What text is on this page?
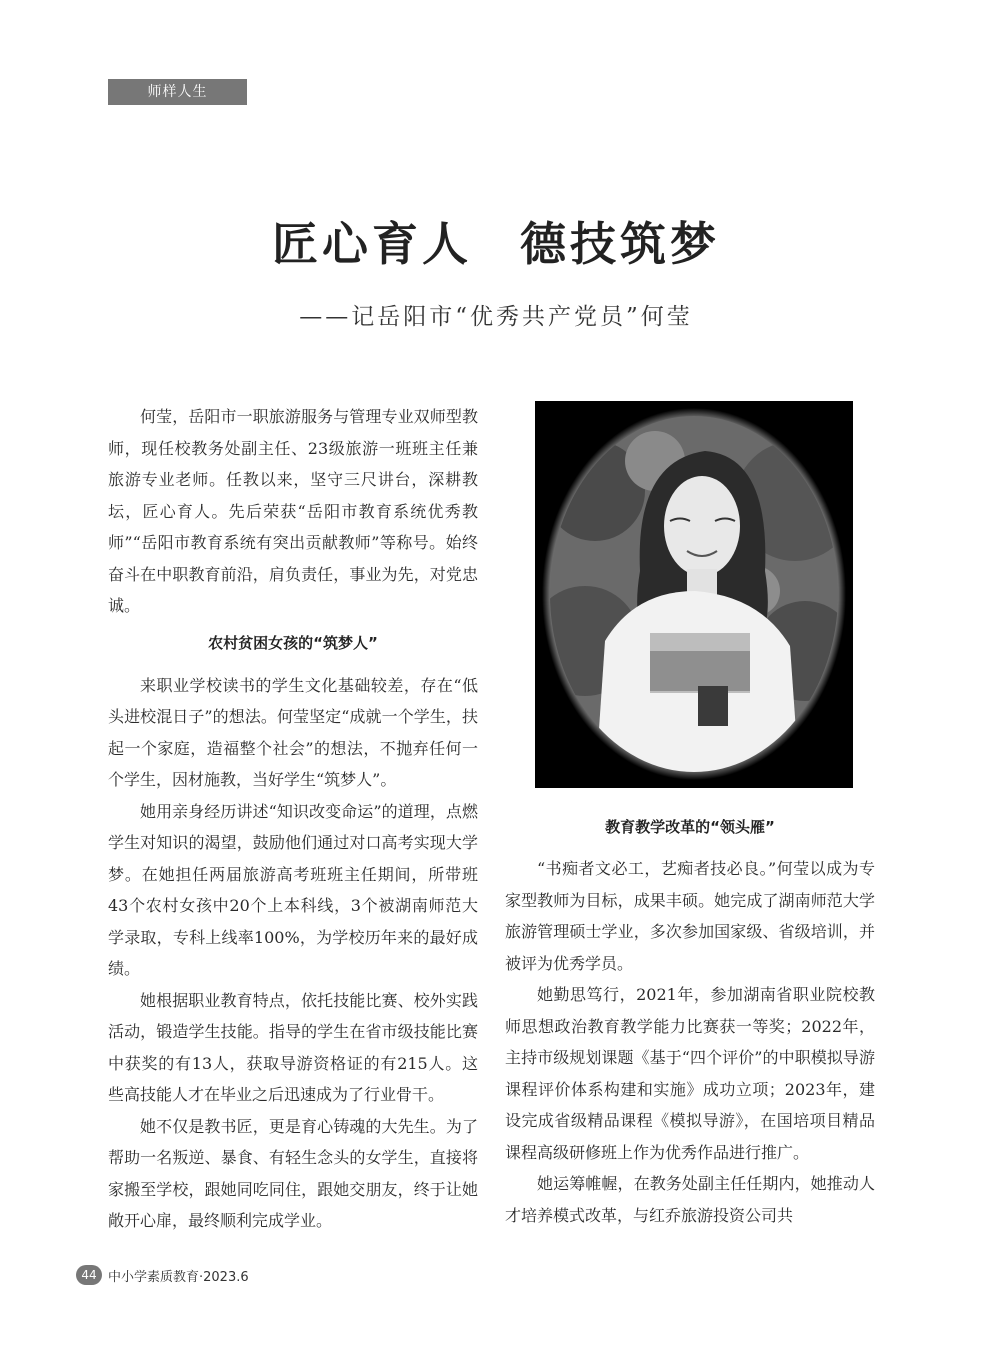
师样人生
匠心育人 德技筑梦
——记岳阳市“优秀共产党员”何莹

何莹，岳阳市一职旅游服务与管理专业双师型教师，现任校教务处副主任、23级旅游一班班主任兼旅游专业老师。任教以来，坚守三尺讲台，深耕教坛，匠心育人。先后荣获“岳阳市教育系统优秀教师”“岳阳市教育系统有突出贡献教师”等称号。始终奋斗在中职教育前沿，肩负责任，事业为先，对党忠诚。

农村贫困女孩的“筑梦人”

来职业学校读书的学生文化基础较差，存在“低头进校混日子”的想法。何莹坚定“成就一个学生，扶起一个家庭，造福整个社会”的想法，不抛弃任何一个学生，因材施教，当好学生“筑梦人”。

她用亲身经历讲述“知识改变命运”的道理，点燃学生对知识的渴望，鼓励他们通过对口高考实现大学梦。在她担任两届旅游高考班班主任期间，所带班43个农村女孩中20个上本科线，3个被湖南师范大学录取，专科上线率100%，为学校历年来的最好成绩。

她根据职业教育特点，依托技能比赛、校外实践活动，锻造学生技能。指导的学生在省市级技能比赛中获奖的有13人，获取导游资格证的有215人。这些高技能人才在毕业之后迅速成为了行业骨干。

她不仅是教书匠，更是育心铸魂的大先生。为了帮助一名叛逆、暴食、有轻生念头的女学生，直接将家搬至学校，跟她同吃同住，跟她交朋友，终于让她敞开心扉，最终顺利完成学业。

教育教学改革的“领头雁”

“书痴者文必工，艺痴者技必良。”何莹以成为专家型教师为目标，成果丰硕。她完成了湖南师范大学旅游管理硕士学业，多次参加国家级、省级培训，并被评为优秀学员。

她勤思笃行，2021年，参加湖南省职业院校教师思想政治教育教学能力比赛获一等奖；2022年，主持市级规划课题《基于“四个评价”的中职模拟导游课程评价体系构建和实施》成功立项；2023年，建设完成省级精品课程《模拟导游》，在国培项目精品课程高级研修班上作为优秀作品进行推广。

她运筹帷幄，在教务处副主任任期内，她推动人才培养模式改革，与红乔旅游投资公司共

44 中小学素质教育·2023.6
